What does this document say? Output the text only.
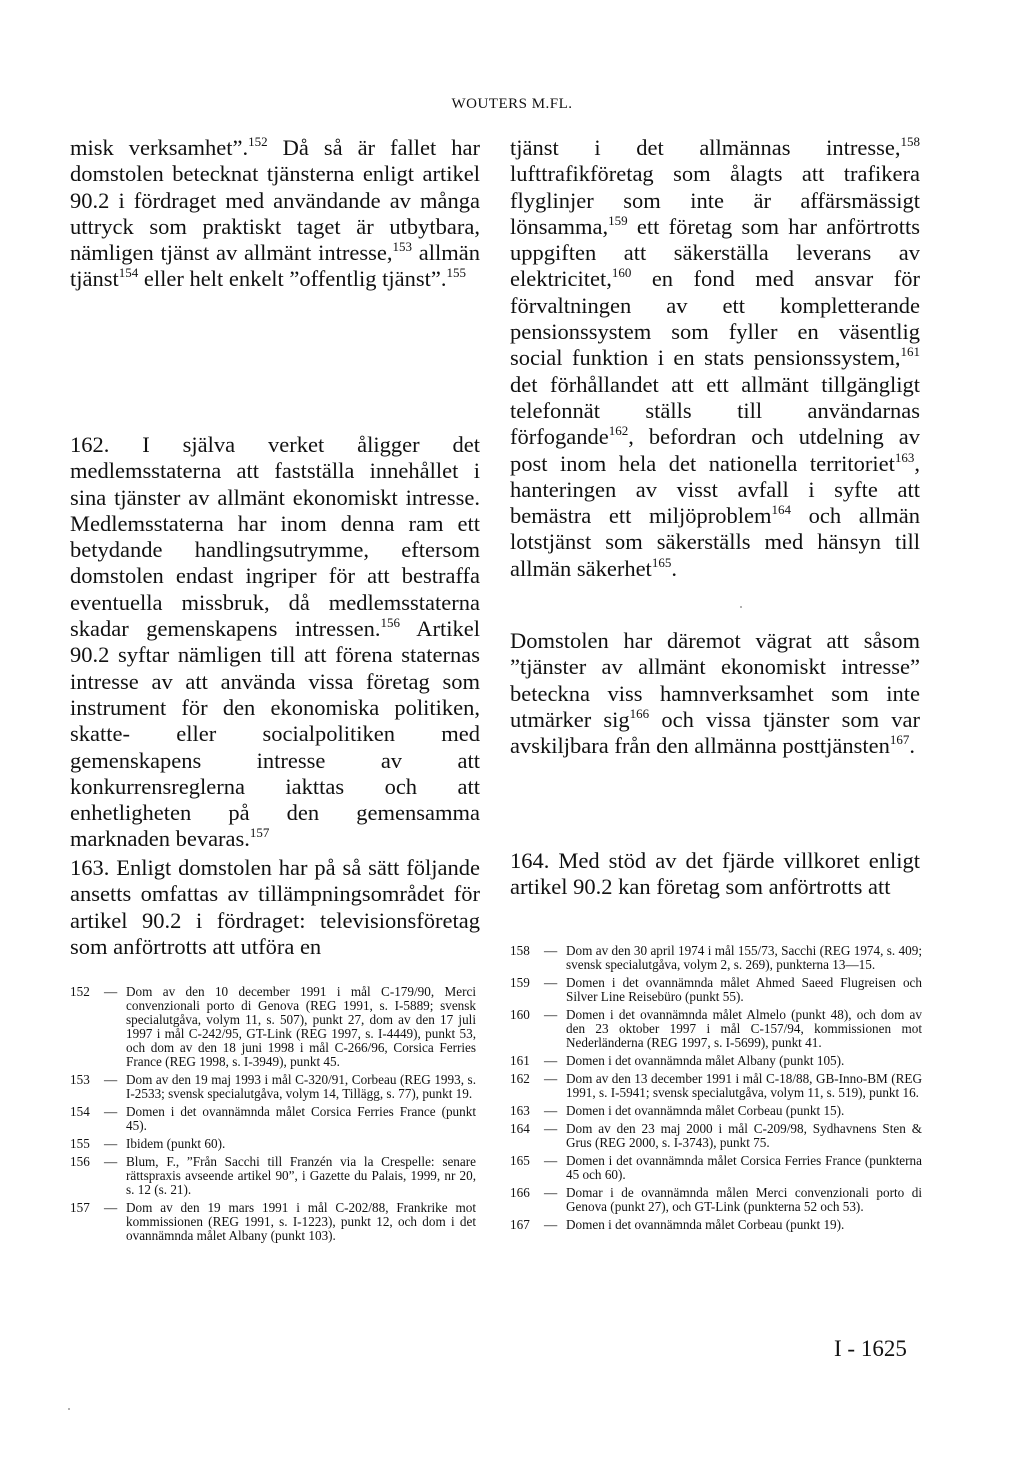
WOUTERS M.FL.

misk verksamhet”.$^{152}$ Då så är fallet har domstolen betecknat tjänsterna enligt artikel 90.2 i fördraget med användande av många uttryck som praktiskt taget är utbytbara, nämligen tjänst av allmänt intresse,$^{153}$ allmän tjänst$^{154}$ eller helt enkelt ”offentlig tjänst”.$^{155}$

162. I själva verket åligger det medlemsstaterna att fastställa innehållet i sina tjänster av allmänt ekonomiskt intresse. Medlemsstaterna har inom denna ram ett betydande handlingsutrymme, eftersom domstolen endast ingriper för att bestraffa eventuella missbruk, då medlemsstaterna skadar gemenskapens intressen.$^{156}$ Artikel 90.2 syftar nämligen till att förena staternas intresse av att använda vissa företag som instrument för den ekonomiska politiken, skatte- eller socialpolitiken med gemenskapens intresse av att konkurrensreglerna iakttas och att enhetligheten på den gemensamma marknaden bevaras.$^{157}$

163. Enligt domstolen har på så sätt följande ansetts omfattas av tillämpningsområdet för artikel 90.2 i fördraget: televisionsföretag som anförtrotts att utföra en

152	— Dom av den 10 december 1991 i mål C-179/90, Merci convenzionali porto di Genova (REG 1991, s. I-5889; svensk specialutgåva, volym 11, s. 507), punkt 27, dom av den 17 juli 1997 i mål C-242/95, GT-Link (REG 1997, s. I-4449), punkt 53, och dom av den 18 juni 1998 i mål C-266/96, Corsica Ferries France (REG 1998, s. I-3949), punkt 45.
153	— Dom av den 19 maj 1993 i mål C-320/91, Corbeau (REG 1993, s. I-2533; svensk specialutgåva, volym 14, Tillägg, s. 77), punkt 19.
154	— Domen i det ovannämnda målet Corsica Ferries France (punkt 45).
155	— Ibidem (punkt 60).
156	— Blum, F., ”Från Sacchi till Franzén via la Crespelle: senare rättspraxis avseende artikel 90”, i Gazette du Palais, 1999, nr 20, s. 12 (s. 21).
157	— Dom av den 19 mars 1991 i mål C-202/88, Frankrike mot kommissionen (REG 1991, s. I-1223), punkt 12, och dom i det ovannämnda målet Albany (punkt 103).

tjänst i det allmännas intresse,$^{158}$ lufttrafikföretag som ålagts att trafikera flyglinjer som inte är affärsmässigt lönsamma,$^{159}$ ett företag som har anförtrotts uppgiften att säkerställa leverans av elektricitet,$^{160}$ en fond med ansvar för förvaltningen av ett kompletterande pensionssystem som fyller en väsentlig social funktion i en stats pensionssystem,$^{161}$ det förhållandet att ett allmänt tillgängligt telefonnät ställs till användarnas förfogande$^{162}$, befordran och utdelning av post inom hela det nationella territoriet$^{163}$, hanteringen av visst avfall i syfte att bemästra ett miljöproblem$^{164}$ och allmän lotstjänst som säkerställs med hänsyn till allmän säkerhet$^{165}$.

Domstolen har däremot vägrat att såsom ”tjänster av allmänt ekonomiskt intresse” beteckna viss hamnverksamhet som inte utmärker sig$^{166}$ och vissa tjänster som var avskiljbara från den allmänna posttjänsten$^{167}$.

164. Med stöd av det fjärde villkoret enligt artikel 90.2 kan företag som anförtrotts att

158	— Dom av den 30 april 1974 i mål 155/73, Sacchi (REG 1974, s. 409; svensk specialutgåva, volym 2, s. 269), punkterna 13—15.
159	— Domen i det ovannämnda målet Ahmed Saeed Flugreisen och Silver Line Reisebüro (punkt 55).
160	— Domen i det ovannämnda målet Almelo (punkt 48), och dom av den 23 oktober 1997 i mål C-157/94, kommissionen mot Nederländerna (REG 1997, s. I-5699), punkt 41.
161	— Domen i det ovannämnda målet Albany (punkt 105).
162	— Dom av den 13 december 1991 i mål C-18/88, GB-Inno-BM (REG 1991, s. I-5941; svensk specialutgåva, volym 11, s. 519), punkt 16.
163	— Domen i det ovannämnda målet Corbeau (punkt 15).
164	— Dom av den 23 maj 2000 i mål C-209/98, Sydhavnens Sten & Grus (REG 2000, s. I-3743), punkt 75.
165	— Domen i det ovannämnda målet Corsica Ferries France (punkterna 45 och 60).
166	— Domar i de ovannämnda målen Merci convenzionali porto di Genova (punkt 27), och GT-Link (punkterna 52 och 53).
167	— Domen i det ovannämnda målet Corbeau (punkt 19).
I - 1625
